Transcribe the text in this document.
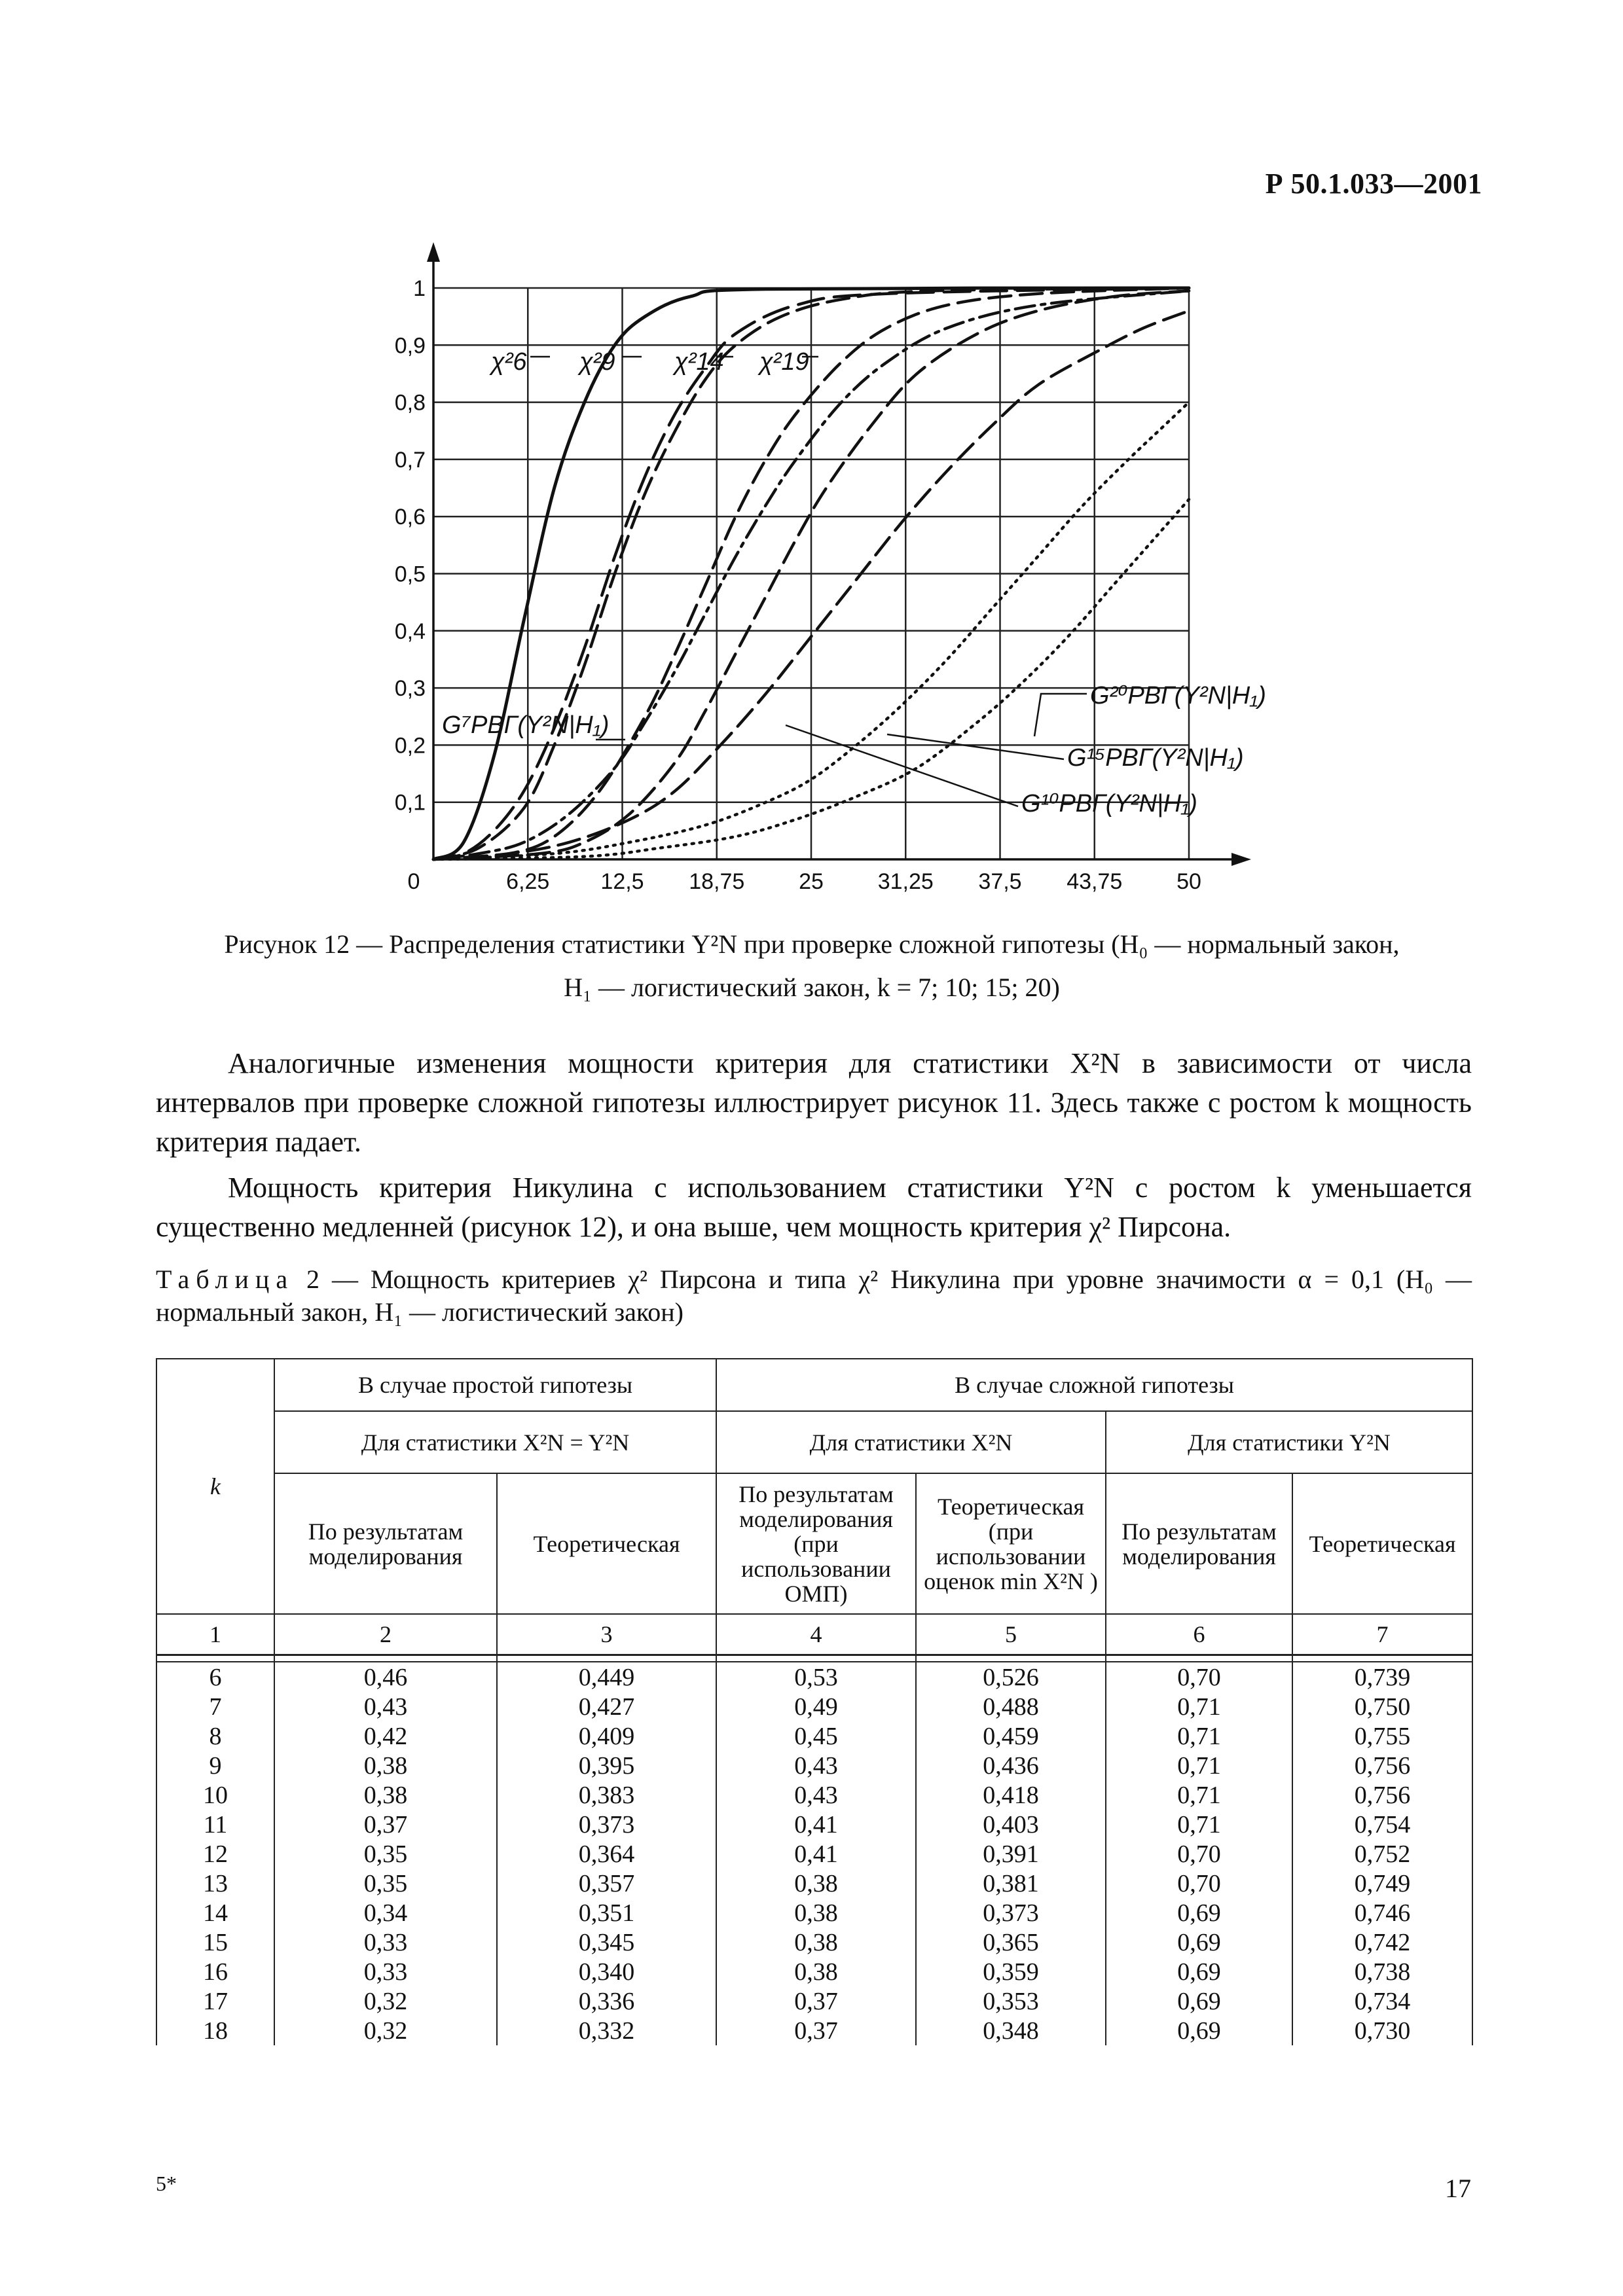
Р 50.1.033—2001
0	6,25 12,5 18,75 25 31,25 37,5 43,75 50
0,1
0,2
0,3
0,4
0,5
0,6
0,7
0,8
0,9
1
χ²6 χ²9 χ²14 χ²19
G⁷РВГ(Y²N|H₁)
G¹⁰РВГ(Y²N|H₁)
G¹⁵РВГ(Y²N|H₁)
G²⁰РВГ(Y²N|H₁)
Рисунок 12 — Распределения статистики Y²N при проверке сложной гипотезы (H₀ — нормальный закон,
H₁ — логистический закон, k = 7; 10; 15; 20)
Аналогичные изменения мощности критерия для статистики X²N в зависимости от числа интервалов при проверке сложной гипотезы иллюстрирует рисунок 11. Здесь также с ростом k мощность критерия падает.
Мощность критерия Никулина с использованием статистики Y²N с ростом k уменьшается существенно медленней (рисунок 12), и она выше, чем мощность критерия χ² Пирсона.
Таблица 2 — Мощность критериев χ² Пирсона и типа χ² Никулина при уровне значимости α = 0,1 (H₀ — нормальный закон, H₁ — логистический закон)
k	В случае простой гипотезы		В случае сложной гипотезы			
	Для статистики X²N = Y²N		Для статистики X²N		Для статистики Y²N	
	По результатам моделирования	Теоретическая	По результатам моделирования (при использовании ОМП)	Теоретическая (при использовании оценок min X²N )	По результатам моделирования	Теоретическая
1	2	3	4	5	6	7

6	0,46	0,449	0,53	0,526	0,70	0,739
7	0,43	0,427	0,49	0,488	0,71	0,750
8	0,42	0,409	0,45	0,459	0,71	0,755
9	0,38	0,395	0,43	0,436	0,71	0,756
10	0,38	0,383	0,43	0,418	0,71	0,756
11	0,37	0,373	0,41	0,403	0,71	0,754
12	0,35	0,364	0,41	0,391	0,70	0,752
13	0,35	0,357	0,38	0,381	0,70	0,749
14	0,34	0,351	0,38	0,373	0,69	0,746
15	0,33	0,345	0,38	0,365	0,69	0,742
16	0,33	0,340	0,38	0,359	0,69	0,738
17	0,32	0,336	0,37	0,353	0,69	0,734
18	0,32	0,332	0,37	0,348	0,69	0,730
5*	17
